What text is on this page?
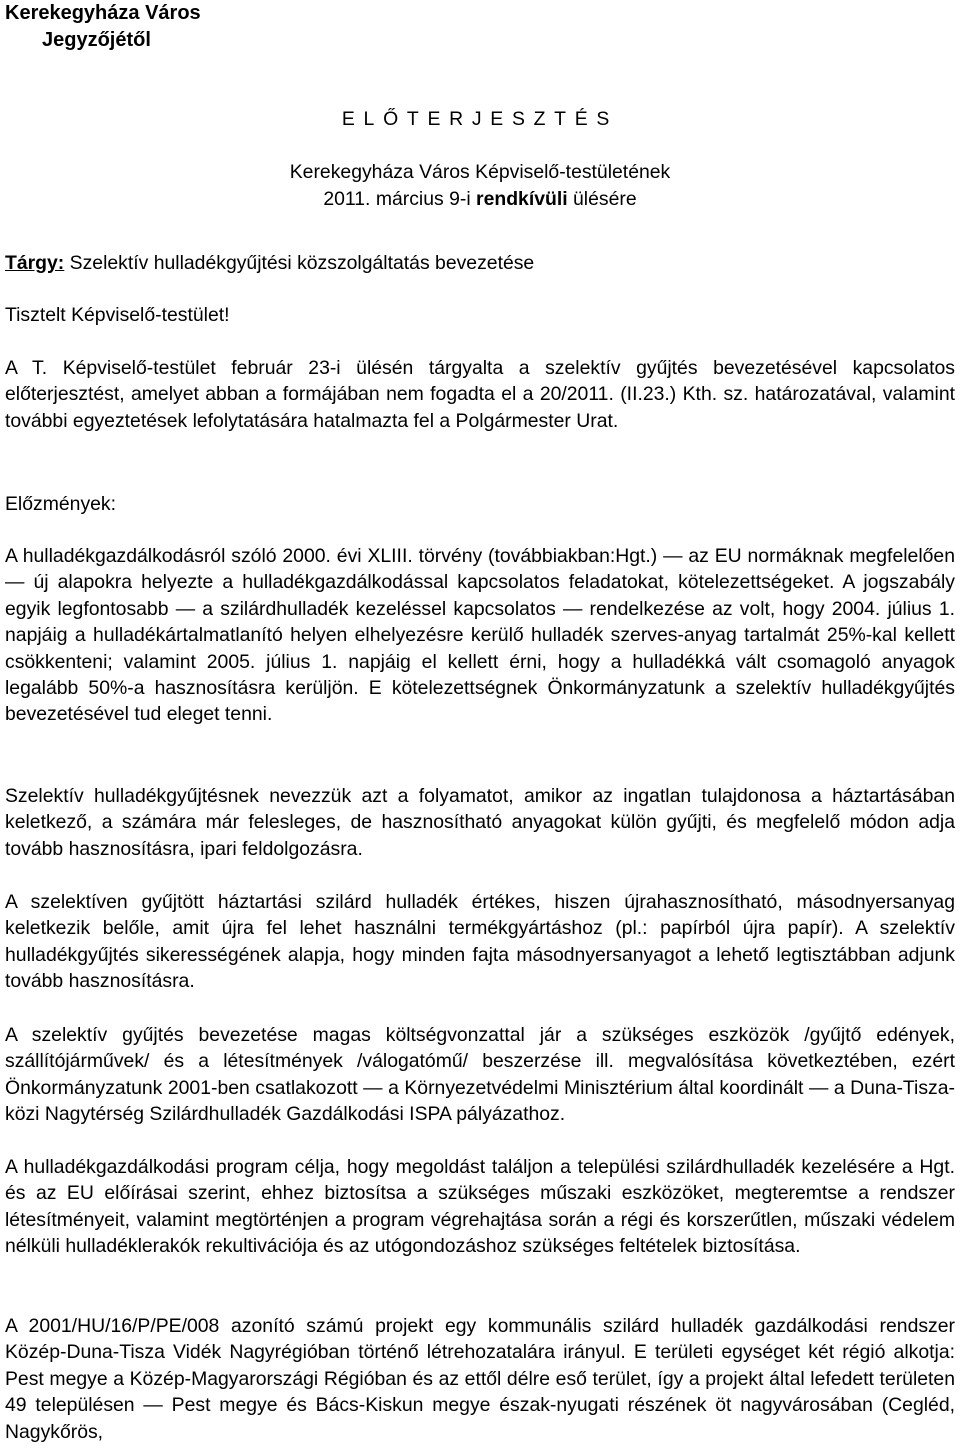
Kerekegyháza Város
Jegyzőjétől
ELŐTERJESZTÉS
Kerekegyháza Város Képviselő-testületének
2011. március 9-i rendkívüli ülésére
Tárgy: Szelektív hulladékgyűjtési közszolgáltatás bevezetése
Tisztelt Képviselő-testület!
A T. Képviselő-testület február 23-i ülésén tárgyalta a szelektív gyűjtés bevezetésével kapcsolatos előterjesztést, amelyet abban a formájában nem fogadta el a 20/2011. (II.23.) Kth. sz. határozatával, valamint további egyeztetések lefolytatására hatalmazta fel a Polgármester Urat.
Előzmények:
A hulladékgazdálkodásról szóló 2000. évi XLIII. törvény (továbbiakban:Hgt.) — az EU normáknak megfelelően — új alapokra helyezte a hulladékgazdálkodással kapcsolatos feladatokat, kötelezettségeket. A jogszabály egyik legfontosabb — a szilárdhulladék kezeléssel kapcsolatos — rendelkezése az volt, hogy 2004. július 1. napjáig a hulladékártalmatlanító helyen elhelyezésre kerülő hulladék szerves-anyag tartalmát 25%-kal kellett csökkenteni; valamint 2005. július 1. napjáig el kellett érni, hogy a hulladékká vált csomagoló anyagok legalább 50%-a hasznosításra kerüljön. E kötelezettségnek Önkormányzatunk a szelektív hulladékgyűjtés bevezetésével tud eleget tenni.
Szelektív hulladékgyűjtésnek nevezzük azt a folyamatot, amikor az ingatlan tulajdonosa a háztartásában keletkező, a számára már felesleges, de hasznosítható anyagokat külön gyűjti, és megfelelő módon adja tovább hasznosításra, ipari feldolgozásra.
A szelektíven gyűjtött háztartási szilárd hulladék értékes, hiszen újrahasznosítható, másodnyersanyag keletkezik belőle, amit újra fel lehet használni termékgyártáshoz (pl.: papírból újra papír). A szelektív hulladékgyűjtés sikerességének alapja, hogy minden fajta másodnyersanyagot a lehető legtisztábban adjunk tovább hasznosításra.
A szelektív gyűjtés bevezetése magas költségvonzattal jár a szükséges eszközök /gyűjtő edények, szállítójárművek/ és a létesítmények /válogatómű/ beszerzése ill. megvalósítása következtében, ezért Önkormányzatunk 2001-ben csatlakozott — a Környezetvédelmi Minisztérium által koordinált — a Duna-Tisza-közi Nagytérség Szilárdhulladék Gazdálkodási ISPA pályázathoz.
A hulladékgazdálkodási program célja, hogy megoldást találjon a települési szilárdhulladék kezelésére a Hgt. és az EU előírásai szerint, ehhez biztosítsa a szükséges műszaki eszközöket, megteremtse a rendszer létesítményeit, valamint megtörténjen a program végrehajtása során a régi és korszerűtlen, műszaki védelem nélküli hulladéklerakók rekultivációja és az utógondozáshoz szükséges feltételek biztosítása.
A 2001/HU/16/P/PE/008 azonító számú projekt egy kommunális szilárd hulladék gazdálkodási rendszer Közép-Duna-Tisza Vidék Nagyrégióban történő létrehozatalára irányul. E területi egységet két régió alkotja: Pest megye a Közép-Magyarországi Régióban és az ettől délre eső terület, így a projekt által lefedett területen 49 településen — Pest megye és Bács-Kiskun megye észak-nyugati részének öt nagyvárosában (Cegléd, Nagykőrös,
